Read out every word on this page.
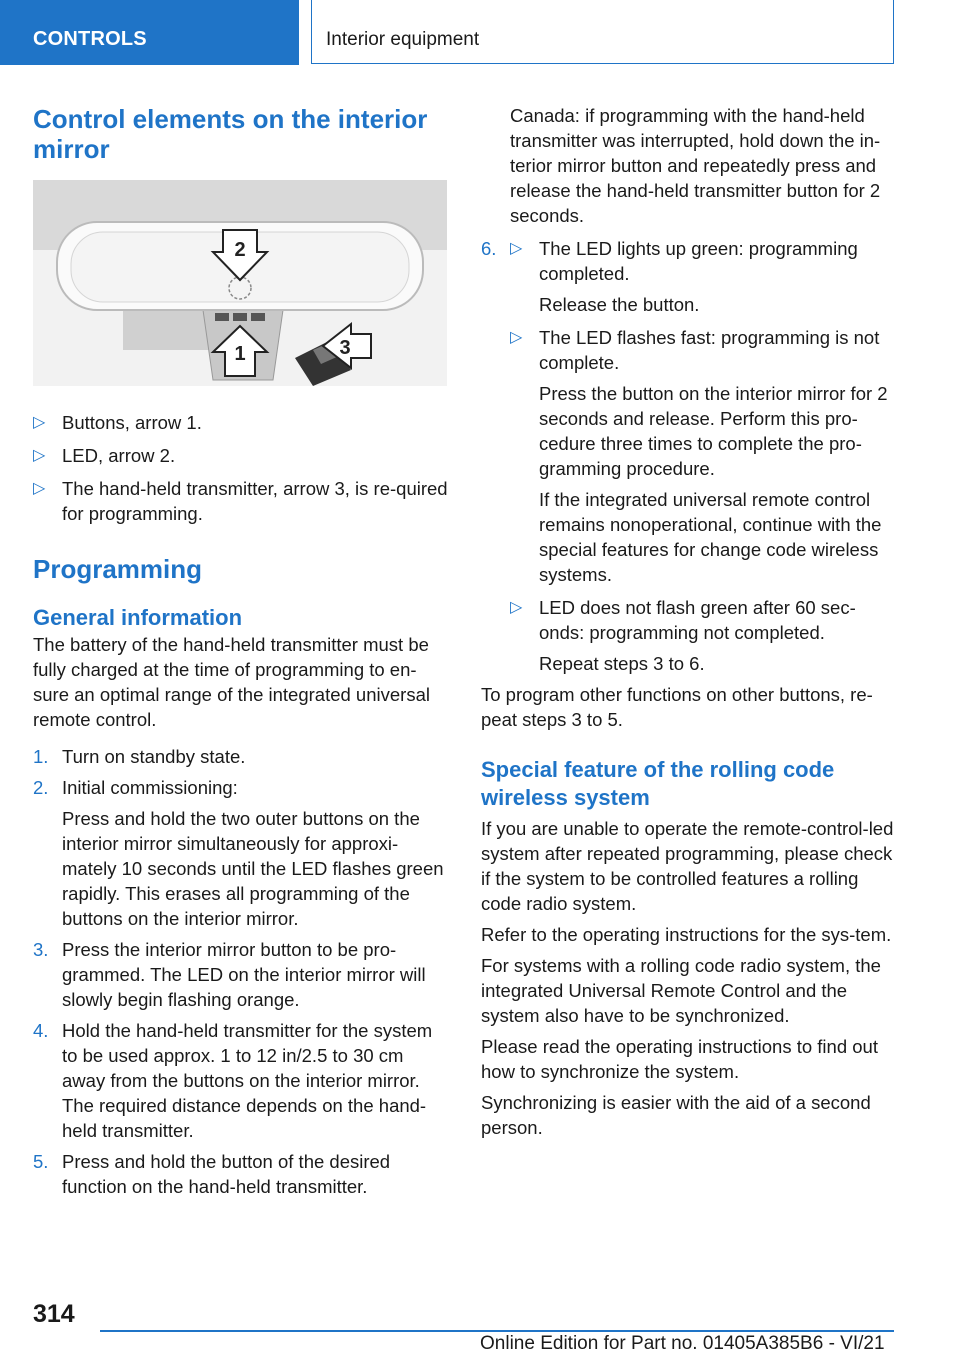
CONTROLS	Interior equipment

Control elements on the interior mirror

2
1	3
▷ Buttons, arrow 1.
▷ LED, arrow 2.
▷ The hand-held transmitter, arrow 3, is re-quired for programming.

Programming

General information

The battery of the hand-held transmitter must be fully charged at the time of programming to en-sure an optimal range of the integrated universal remote control.

1. Turn on standby state.
2. Initial commissioning:
Press and hold the two outer buttons on the interior mirror simultaneously for approxi-mately 10 seconds until the LED flashes green rapidly. This erases all programming of the buttons on the interior mirror.
3. Press the interior mirror button to be pro-grammed. The LED on the interior mirror will slowly begin flashing orange.
4. Hold the hand-held transmitter for the system to be used approx. 1 to 12 in/2.5 to 30 cm away from the buttons on the interior mirror. The required distance depends on the hand-held transmitter.
5. Press and hold the button of the desired function on the hand-held transmitter.

Canada: if programming with the hand-held transmitter was interrupted, hold down the in-terior mirror button and repeatedly press and release the hand-held transmitter button for 2 seconds.

6. ▷ The LED lights up green: programming completed.
Release the button.
▷ The LED flashes fast: programming is not complete.
Press the button on the interior mirror for 2 seconds and release. Perform this pro-cedure three times to complete the pro-gramming procedure.
If the integrated universal remote control remains nonoperational, continue with the special features for change code wireless systems.
▷ LED does not flash green after 60 sec-onds: programming not completed.
Repeat steps 3 to 6.

To program other functions on other buttons, re-peat steps 3 to 5.

Special feature of the rolling code wireless system

If you are unable to operate the remote-control-led system after repeated programming, please check if the system to be controlled features a rolling code radio system.

Refer to the operating instructions for the sys-tem.

For systems with a rolling code radio system, the integrated Universal Remote Control and the system also have to be synchronized.

Please read the operating instructions to find out how to synchronize the system.

Synchronizing is easier with the aid of a second person.

314
Online Edition for Part no. 01405A385B6 - VI/21
